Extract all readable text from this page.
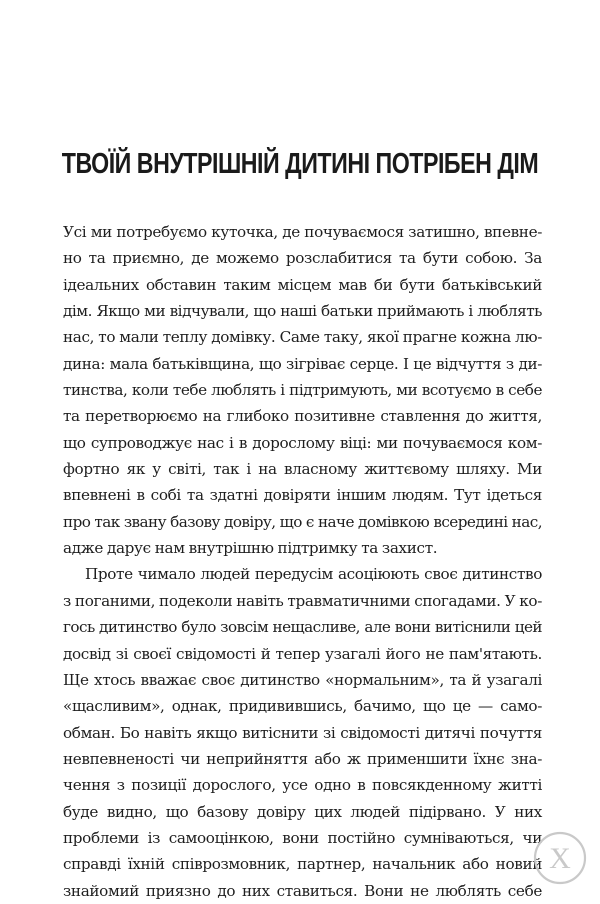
ТВОЇЙ ВНУТРІШНІЙ ДИТИНІ ПОТРІБЕН ДІМ
Усі ми потребуємо куточка, де почуваємося затишно, впевне-
но та приємно, де можемо розслабитися та бути собою. За
ідеальних обставин таким місцем мав би бути батьківський
дім. Якщо ми відчували, що наші батьки приймають і люблять
нас, то мали теплу домівку. Саме таку, якої прагне кожна лю-
дина: мала батьківщина, що зігріває серце. І це відчуття з ди-
тинства, коли тебе люблять і підтримують, ми всотуємо в себе
та перетворюємо на глибоко позитивне ставлення до життя,
що супроводжує нас і в дорослому віці: ми почуваємося ком-
фортно як у світі, так і на власному життєвому шляху. Ми
впевнені в собі та здатні довіряти іншим людям. Тут ідеться
про так звану базову довіру, що є наче домівкою всередині нас,
адже дарує нам внутрішню підтримку та захист.
Проте чимало людей передусім асоціюють своє дитинство
з поганими, подеколи навіть травматичними спогадами. У ко-
гось дитинство було зовсім нещасливе, але вони витіснили цей
досвід зі своєї свідомості й тепер узагалі його не пам'ятають.
Ще хтось вважає своє дитинство «нормальним», та й узагалі
«щасливим», однак, придивившись, бачимо, що це — само-
обман. Бо навіть якщо витіснити зі свідомості дитячі почуття
невпевненості чи неприйняття або ж применшити їхнє зна-
чення з позиції дорослого, усе одно в повсякденному житті
буде видно, що базову довіру цих людей підірвано. У них
проблеми із самооцінкою, вони постійно сумніваються, чи
справді їхній співрозмовник, партнер, начальник або новий
знайомий приязно до них ставиться. Вони не люблять себе
Х
